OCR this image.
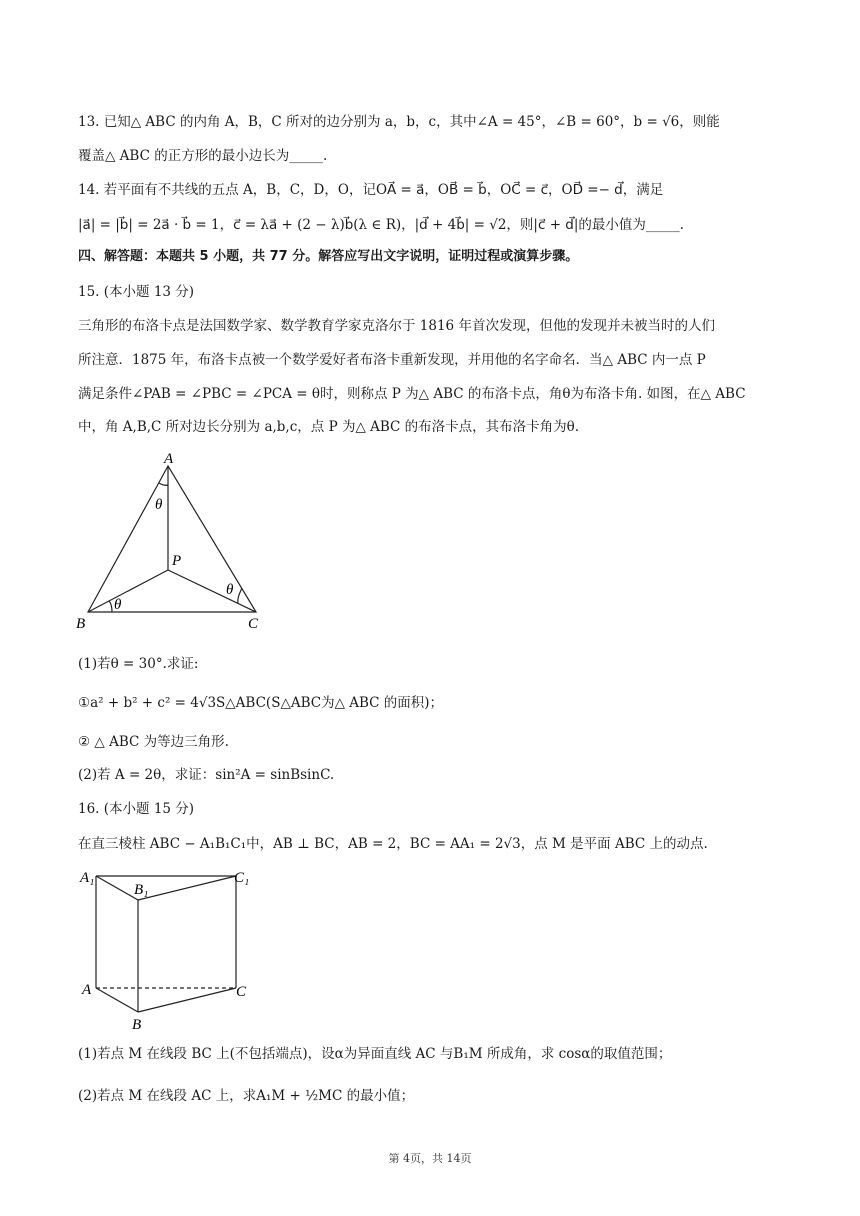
13. 已知△ ABC 的内角 A，B，C 所对的边分别为 a，b，c，其中∠A = 45°，∠B = 60°，b = √6，则能
覆盖△ ABC 的正方形的最小边长为_____.
14. 若平面有不共线的五点 A，B，C，D，O，记OA⃗ = a⃗，OB⃗ = b⃗，OC⃗ = c⃗，OD⃗ =− d⃗，满足
|a⃗| = |b⃗| = 2a⃗ · b⃗ = 1，c⃗ = λa⃗ + (2 − λ)b⃗(λ ∈ R)，|d⃗ + 4b⃗| = √2，则|c⃗ + d⃗|的最小值为_____.
四、解答题：本题共 5 小题，共 77 分。解答应写出文字说明，证明过程或演算步骤。
15. (本小题 13 分)
三角形的布洛卡点是法国数学家、数学教育学家克洛尔于 1816 年首次发现，但他的发现并未被当时的人们
所注意．1875 年，布洛卡点被一个数学爱好者布洛卡重新发现，并用他的名字命名．当△ ABC 内一点 P
满足条件∠PAB = ∠PBC = ∠PCA = θ时，则称点 P 为△ ABC 的布洛卡点，角θ为布洛卡角. 如图，在△ ABC
中，角 A,B,C 所对边长分别为 a,b,c，点 P 为△ ABC 的布洛卡点，其布洛卡角为θ.
A
B	C
P
θ
θ
θ
(1)若θ = 30°.求证:
①a² + b² + c² = 4√3S△ABC(S△ABC为△ ABC 的面积)；
② △ ABC 为等边三角形.
(2)若 A = 2θ，求证：sin²A = sinBsinC.
16. (本小题 15 分)
在直三棱柱 ABC − A₁B₁C₁中，AB ⊥ BC，AB = 2，BC = AA₁ = 2√3，点 M 是平面 ABC 上的动点.
A₁
B₁
C₁
A
B
C
(1)若点 M 在线段 BC 上(不包括端点)，设α为异面直线 AC 与B₁M 所成角，求 cosα的取值范围；
(2)若点 M 在线段 AC 上，求A₁M + ½MC 的最小值；
第 4页，共 14页
